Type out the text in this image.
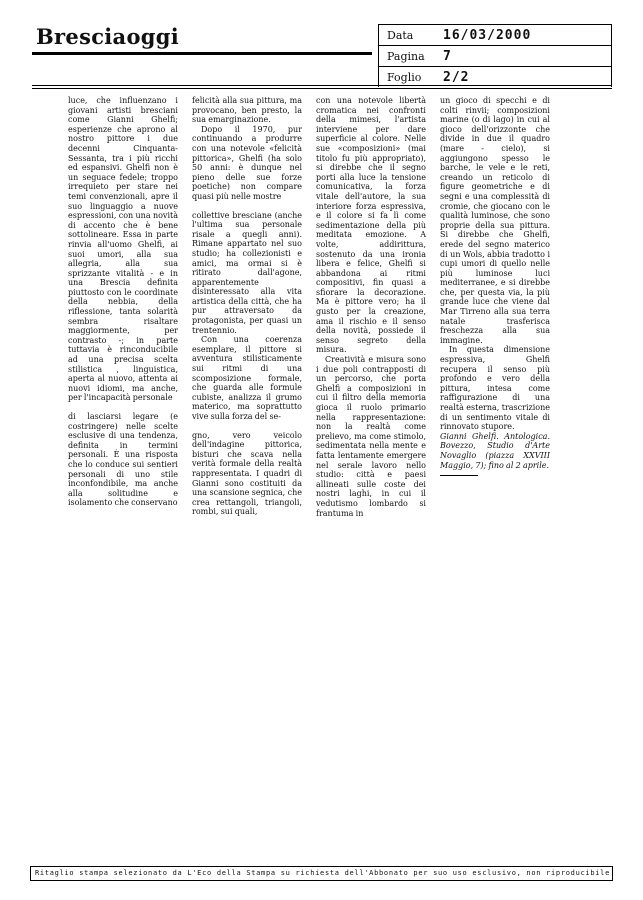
Bresciaoggi	Data	16/03/2000
Pagina	7
Foglio	2/2

luce, che influenzano i giovani artisti bresciani come Gianni Ghelfi; esperienze che aprono al nostro pittore i due decenni Cinquanta-Sessanta, tra i più ricchi ed espansivi. Ghelfi non è un seguace fedele; troppo irrequieto per stare nei temi convenzionali, apre il suo linguaggio a nuove espressioni, con una novità di accento che è bene sottolineare. Essa in parte rinvia all'uomo Ghelfi, ai suoi umori, alla sua allegria, alla sua sprizzante vitalità - e in una Brescia definita piuttosto con le coordinate della nebbia, della riflessione, tanta solarità sembra risaltare maggiormente, per contrasto -; in parte tuttavia è rinconducibile ad una precisa scelta stilistica , linguistica, aperta al nuovo, attenta ai nuovi idiomi, ma anche, per l'incapacità personale

di lasciarsi legare (e costringere) nelle scelte esclusive di una tendenza, definita in termini personali. È una risposta che lo conduce sui sentieri personali di uno stile inconfondibile, ma anche alla solitudine e isolamento che conservano

felicità alla sua pittura, ma provocano, ben presto, la sua emarginazione.

Dopo il 1970, pur continuando a produrre con una notevole «felicità pittorica», Ghelfi (ha solo 50 anni: è dunque nel pieno delle sue forze poetiche) non compare quasi più nelle mostre

collettive bresciane (anche l'ultima sua personale risale a quegli anni). Rimane appartato nel suo studio; ha collezionisti e amici, ma ormai si è ritirato dall'agone, apparentemente disinteressato alla vita artistica della città, che ha pur attraversato da protagonista, per quasi un trentennio.

Con una coerenza esemplare, il pittore si avventura stilisticamente sui ritmi di una scomposizione formale, che guarda alle formule cubiste, analizza il grumo materico, ma soprattutto vive sulla forza del se-

gno, vero veicolo dell'indagine pittorica, bisturi che scava nella verità formale della realtà rappresentata. I quadri di Gianni sono costituiti da una scansione segnica, che crea rettangoli, triangoli, rombi, sui quali,

con una notevole libertà cromatica nei confronti della mimesi, l'artista interviene per dare superficie al colore. Nelle sue «composizioni» (mai titolo fu più appropriato), si direbbe che il segno porti alla luce la tensione comunicativa, la forza vitale dell'autore, la sua interiore forza espressiva, e il colore si fa lì come sedimentazione della più meditata emozione. A volte, addirittura, sostenuto da una ironia libera e felice, Ghelfi si abbandona ai ritmi compositivi, fin quasi a sfiorare la decorazione. Ma è pittore vero; ha il gusto per la creazione, ama il rischio e il senso della novità, possiede il senso segreto della misura.

Creatività e misura sono i due poli contrapposti di un percorso, che porta Ghelfi a composizioni in cui il filtro della memoria gioca il ruolo primario nella rappresentazione: non la realtà come prelievo, ma come stimolo, sedimentata nella mente e fatta lentamente emergere nel serale lavoro nello studio: città e paesi allineati sulle coste dei nostri laghi, in cui il vedutismo lombardo si frantuma in

un gioco di specchi e di colti rinvii; composizioni marine (o di lago) in cui al gioco dell'orizzonte che divide in due il quadro (mare - cielo), si aggiungono spesso le barche, le vele e le reti, creando un reticolo di figure geometriche e di segni e una complessità di cromie, che giocano con le qualità luminose, che sono proprie della sua pittura. Si direbbe che Ghelfi, erede del segno materico di un Wols, abbia tradotto i cupi umori di quello nelle più luminose luci mediterranee, e si direbbe che, per questa via, la più grande luce che viene dal Mar Tirreno alla sua terra natale trasferisca freschezza alla sua immagine.

In questa dimensione espressiva, Ghelfi recupera il senso più profondo e vero della pittura, intesa come raffigurazione di una realtà esterna, trascrizione di un sentimento vitale di rinnovato stupore.

Gianni Ghelfi. Antologica. Bovezzo, Studio d'Arte Novaglio (piazza XXVIII Maggio, 7); fino al 2 aprile.

Ritaglio stampa selezionato da L'Eco della Stampa su richiesta dell'Abbonato per suo uso esclusivo, non riproducibile
